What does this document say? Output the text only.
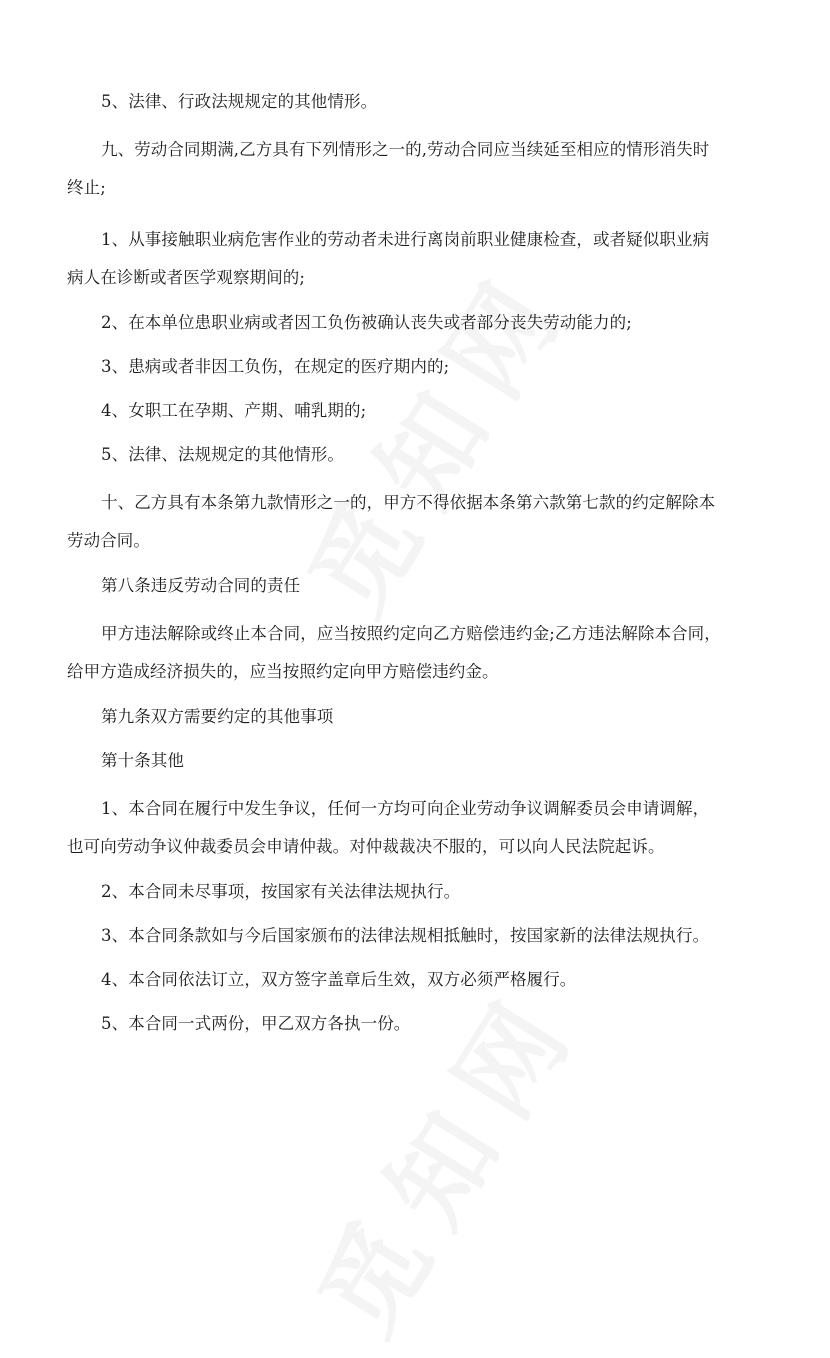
5、法律、行政法规规定的其他情形。
九、劳动合同期满,乙方具有下列情形之一的,劳动合同应当续延至相应的情形消失时
终止;
1、从事接触职业病危害作业的劳动者未进行离岗前职业健康检查，或者疑似职业病
病人在诊断或者医学观察期间的;
2、在本单位患职业病或者因工负伤被确认丧失或者部分丧失劳动能力的;
3、患病或者非因工负伤，在规定的医疗期内的;
4、女职工在孕期、产期、哺乳期的;
5、法律、法规规定的其他情形。
十、乙方具有本条第九款情形之一的，甲方不得依据本条第六款第七款的约定解除本
劳动合同。
第八条违反劳动合同的责任
甲方违法解除或终止本合同，应当按照约定向乙方赔偿违约金;乙方违法解除本合同，
给甲方造成经济损失的，应当按照约定向甲方赔偿违约金。
第九条双方需要约定的其他事项
第十条其他
1、本合同在履行中发生争议，任何一方均可向企业劳动争议调解委员会申请调解，
也可向劳动争议仲裁委员会申请仲裁。对仲裁裁决不服的，可以向人民法院起诉。
2、本合同未尽事项，按国家有关法律法规执行。
3、本合同条款如与今后国家颁布的法律法规相抵触时，按国家新的法律法规执行。
4、本合同依法订立，双方签字盖章后生效，双方必须严格履行。
5、本合同一式两份，甲乙双方各执一份。
